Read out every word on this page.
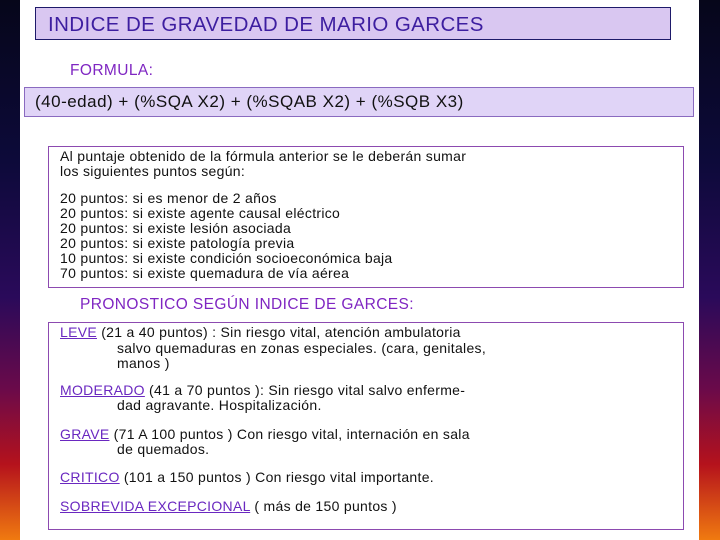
INDICE DE GRAVEDAD DE MARIO GARCES
FORMULA:
(40-edad) + (%SQA X2) + (%SQAB X2) + (%SQB X3)
Al puntaje obtenido de la fórmula anterior se le deberán sumar
los siguientes puntos según:
20 puntos: si es menor de 2 años
20 puntos: si existe agente causal eléctrico
20 puntos: si existe lesión asociada
20 puntos: si existe patología previa
10 puntos: si existe condición socioeconómica baja
70 puntos: si existe quemadura de vía aérea
PRONOSTICO SEGÚN INDICE DE GARCES:
LEVE (21 a 40 puntos) : Sin riesgo vital, atención ambulatoria
salvo quemaduras en zonas especiales. (cara, genitales,
manos )
MODERADO (41 a 70 puntos ): Sin riesgo vital salvo enferme-
dad agravante. Hospitalización.
GRAVE (71 A 100 puntos ) Con riesgo vital, internación en sala
de quemados.
CRITICO (101 a 150 puntos ) Con riesgo vital importante.
SOBREVIDA EXCEPCIONAL ( más de 150 puntos )
